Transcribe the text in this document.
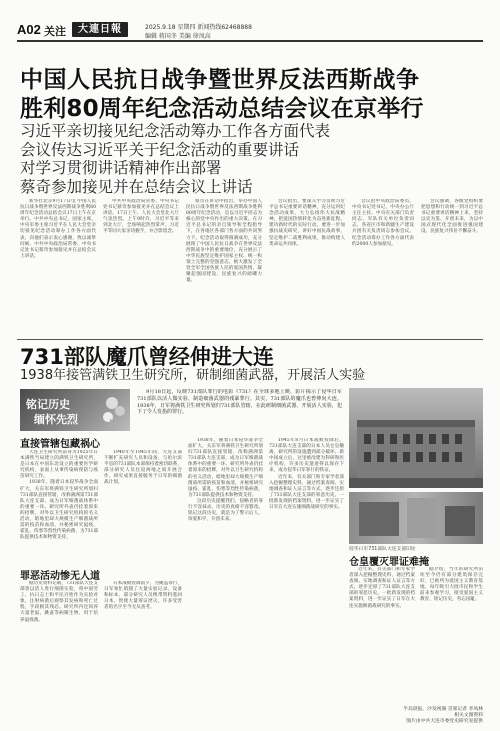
A02 关注	大連日報	2025.9.18 星期四 新闻热线62468888
编辑 蒋国冬 美编 徐凤高
中国人民抗日战争暨世界反法西斯战争
胜利80周年纪念活动总结会议在京举行
习近平亲切接见纪念活动筹办工作各方面代表
会议传达习近平关于纪念活动的重要讲话
对学习贯彻讲话精神作出部署
蔡奇参加接见并在总结会议上讲话

新华社北京9月17日电 中国人民抗日战争暨世界反法西斯战争胜利80周年纪念活动总结会议17日上午在京举行。中共中央总书记、国家主席、中央军委主席习近平在人民大会堂亲切接见纪念活动筹办工作各方面代表，向他们表示衷心感谢，致以诚挚问候。中共中央政治局常委、中央书记处书记蔡奇参加接见并在总结会议上讲话。

中共中央政治局常委、中央书记处书记蔡奇参加接见并在总结会议上讲话。17日上午，人民大会堂北大厅气氛热烈。上午9时许，习近平等来到北大厅，全场响起热烈掌声。习近平等同大家亲切握手，并合影留念。

蔡奇在讲话中指出，举办中国人民抗日战争暨世界反法西斯战争胜利80周年纪念活动，是以习近平同志为核心的党中央作出的重大决策。在习近平总书记的亲自领导和全程指导下，在各地区各部门各方面的共同努力下，纪念活动取得圆满成功，充分展现了中国人民抗日战争在世界反法西斯战争中的重要地位，充分展示了中华民族坚定维护国家主权、统一和领土完整的坚强意志，极大激发了全党全军全国各族人民的爱国热情，凝聚起强国建设、民族复兴的磅礴力量。

会议指出，要深入学习贯彻习近平总书记重要讲话精神，充分运用纪念活动成果，大力弘扬伟大抗战精神，把爱国热情转化为奋进新征程、建功新时代的实际行动。要进一步加强抗战史研究，讲好中国抗战故事，坚定维护二战胜利成果，推动构建人类命运共同体。

会议由中央政治局委员、中央书记处书记、中央办公厅主任主持。中央有关部门负责同志、军队有关单位负责同志，各省区市和新疆生产建设兵团有关负责同志参加会议。纪念活动筹办工作各方面代表约2000人参加接见。

会议强调，各级党组织要把思想和行动统一到习近平总书记重要讲话精神上来，坚持以史为鉴、开创未来，为以中国式现代化全面推进强国建设、民族复兴伟业不懈奋斗。

731部队魔爪曾经伸进大连
1938年接管满铁卫生研究所，研制细菌武器，开展活人实验
铭记历史
缅怀先烈

9月18日起，反映731部队罪行的电影《731》在全球多地上映，影片揭示了侵华日军731部队以活人做实验、制造细菌武器的残暴罪行。其实，731部队的魔爪也曾伸向大连。1938年，日军将满铁卫生研究所划归731部队管辖，在此研制细菌武器、开展活人实验，犯下了令人发指的罪行。

直接管辖包藏祸心

大连卫生研究所前身为1925年日本满铁当局建立的满铁卫生研究所，是日本在中国东北设立的重要医学研究机构，表面上从事传染病预防与疫苗研究工作。

1938年，随着日本侵华战争全面扩大，关东军将满铁卫生研究所划归731部队直接管辖，改称满洲第731部队大连支部，成为日军细菌战体系中的重要一环。研究所外表仍挂着原来的招牌，对外以卫生研究机构的名义活动，暗地里却大规模生产细菌战所需的疫苗和血清，并秘密研究鼠疫、霍乱、伤寒等烈性传染病菌，为731部队提供技术和物资支持。

1940年至1945年间，大连支部不断扩充研究人员和设备，与哈尔滨平房的731部队本部保持着密切联系，部分研究人员往返两地之间开展合作，研究成果直接服务于日军的细菌战计划。

罪恶活动惨无人道

据历史资料记载，731部队大连支部曾以活人进行细菌实验，将中国劳工、抗日志士和平民百姓作为实验对象，注射病菌后观察其发病和死亡过程，手段极其残忍。研究所内还饲养大量老鼠、跳蚤等病媒生物，用于培养鼠疫菌。

日本战败投降前夕，为掩盖罪行，日军匆忙销毁了大量实验记录、设备和标本，部分研究人员携带资料逃回日本，致使大量罪证湮灭，许多受害者的名字至今无从查考。

1938年，随着日本侵华战争全面扩大，关东军将满铁卫生研究所划归731部队直接管辖，改称满洲第731部队大连支部，成为日军细菌战体系中的重要一环。研究所外表仍挂着原来的招牌，对外以卫生研究机构的名义活动，暗地里却大规模生产细菌战所需的疫苗和血清，并秘密研究鼠疫、霍乱、伤寒等烈性传染病菌，为731部队提供技术和物资支持。

这段历史提醒我们，侵略者的罪行不容抹杀，历史的真相不容篡改。铭记这段历史，就是为了警示后人，珍爱和平、开创未来。

1945年8月日本战败投降后，731部队大连支部的日本人员仓皇撤离，研究所的设施遭到部分破坏。新中国成立后，这里被改建为科研和医疗机构，许多历史遗迹得以保存下来，成为侵华日军罪行的铁证。

近年来，有关部门和专家学者深入挖掘整理史料，通过档案查阅、实地调查和证人证言等方式，逐步还原了731部队大连支部的罪恶历史。一批新发现的档案资料，进一步证实了日军在大连实施细菌战研究的事实。

侵华日军731部队大连支部旧址
仓皇覆灭罪证难掩

近年来，有关部门和专家学者深入挖掘整理史料，通过档案查阅、实地调查和证人证言等方式，逐步还原了731部队大连支部的罪恶历史。一批新发现的档案资料，进一步证实了日军在大连实施细菌战研究的事实。

据介绍，当年的研究所旧址至今仍有部分建筑保存完好，已被列为爱国主义教育基地，每年吸引大批市民和学生前来参观学习，接受爱国主义教育，铭记历史，勿忘国耻。

半岛晨报、沙发视频 首席记者 李凤林
相关文图资料
图片由中共大连市委党史研究室提供
